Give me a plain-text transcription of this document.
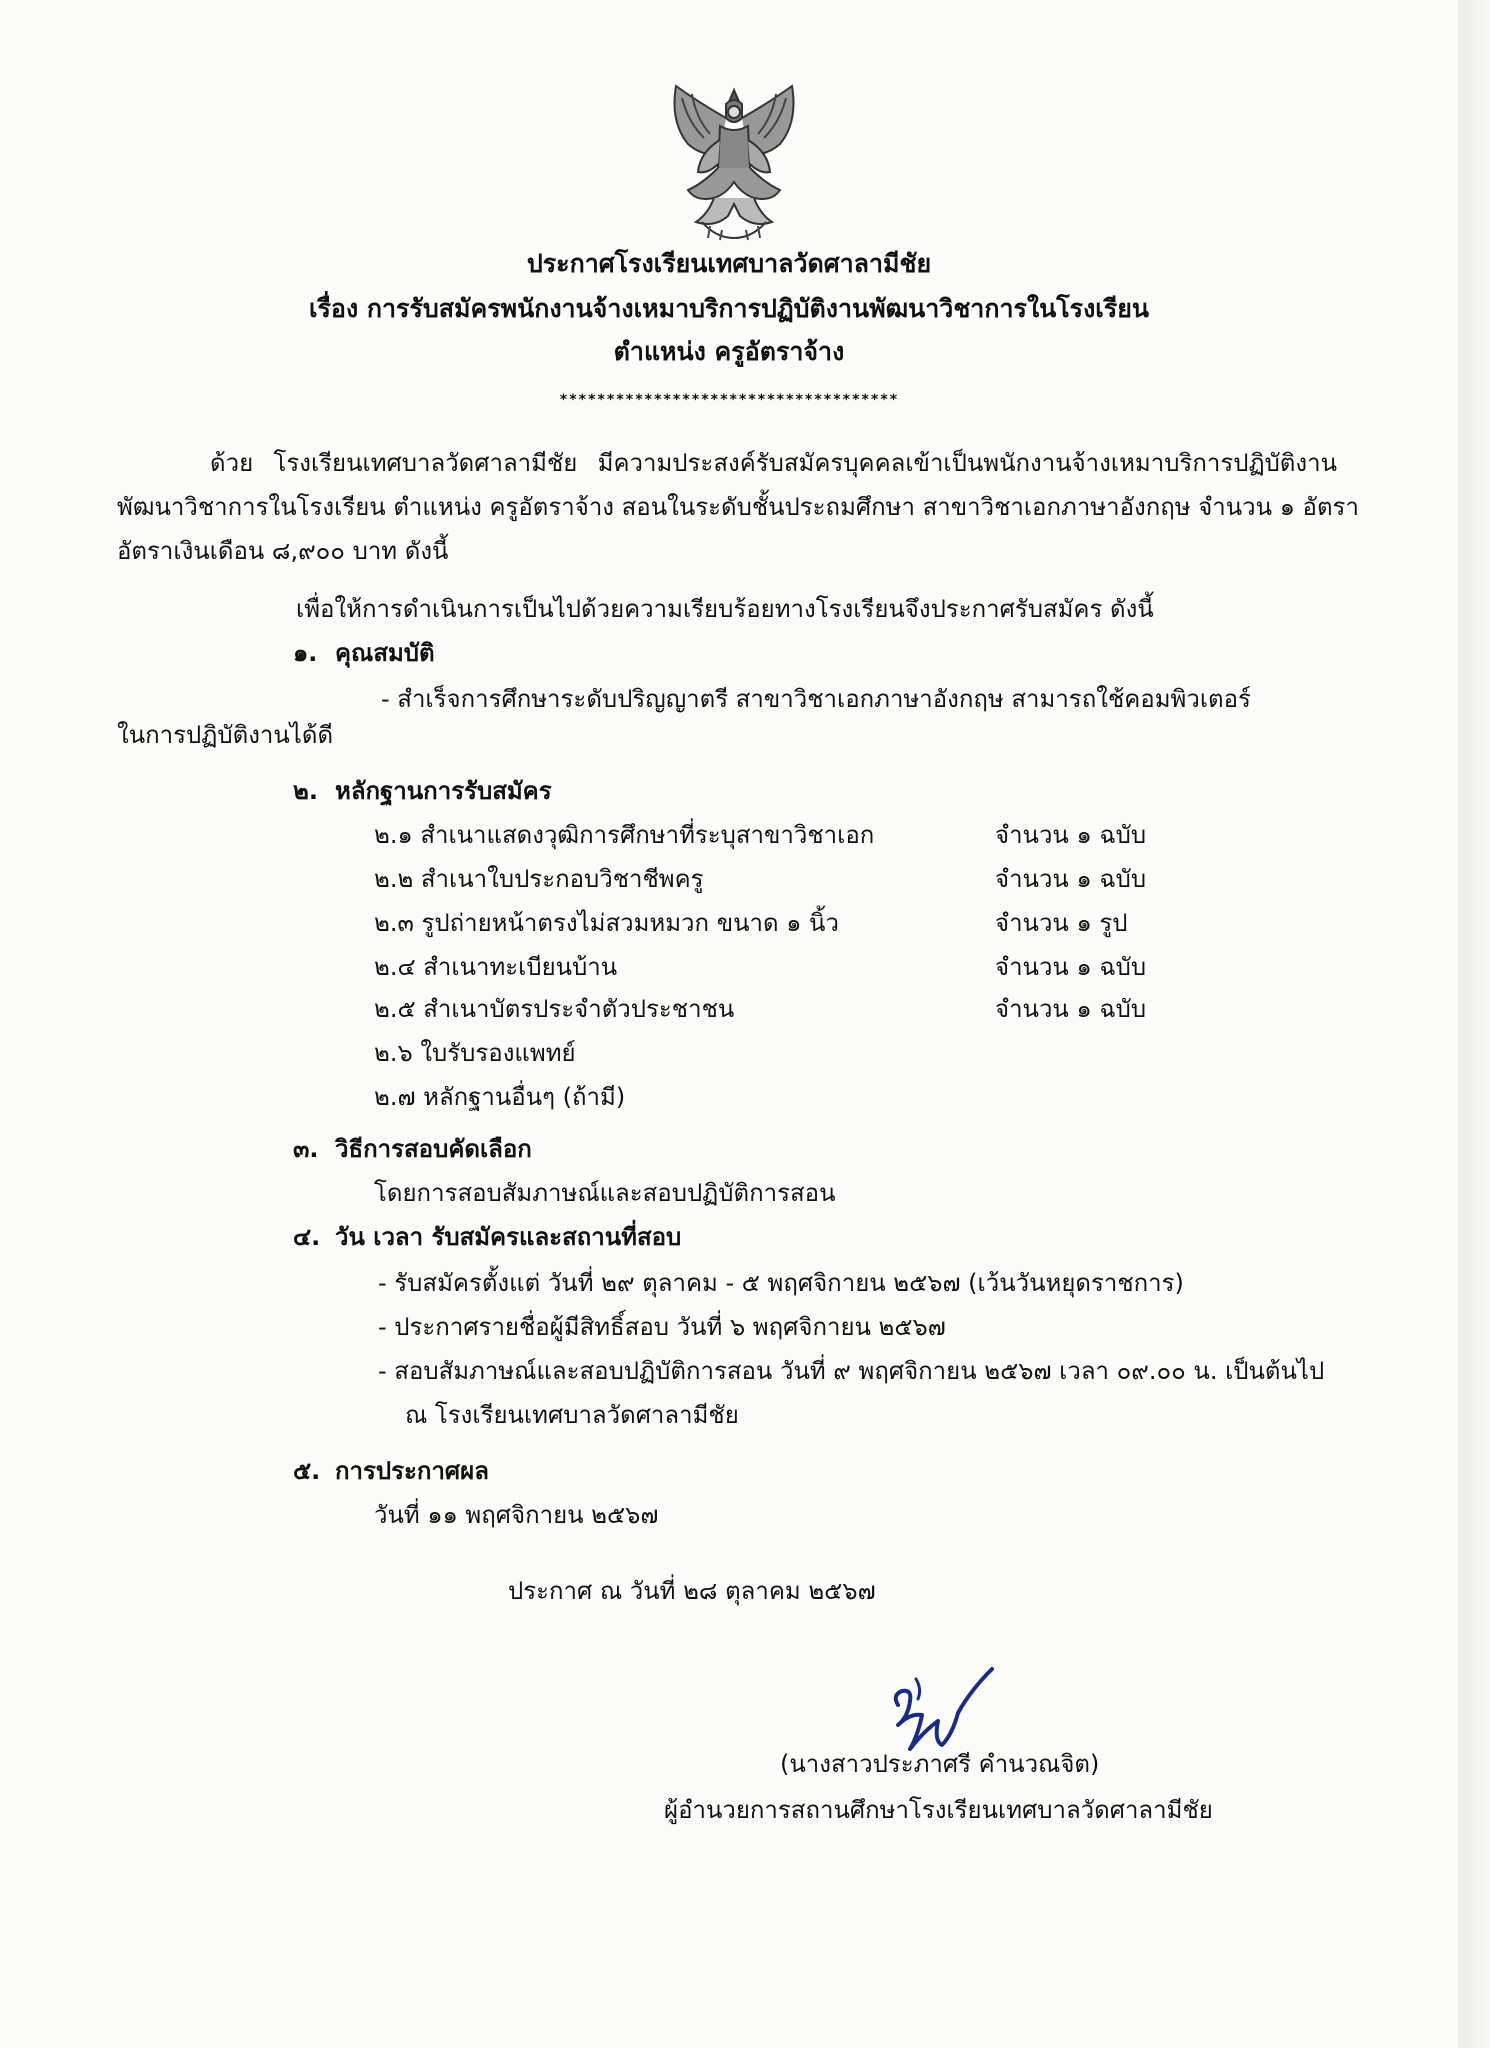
ประกาศโรงเรียนเทศบาลวัดศาลามีชัย
เรื่อง การรับสมัครพนักงานจ้างเหมาบริการปฏิบัติงานพัฒนาวิชาการในโรงเรียน
ตำแหน่ง ครูอัตราจ้าง
************************************
ด้วย โรงเรียนเทศบาลวัดศาลามีชัย มีความประสงค์รับสมัครบุคคลเข้าเป็นพนักงานจ้างเหมาบริการปฏิบัติงาน
พัฒนาวิชาการในโรงเรียน ตำแหน่ง ครูอัตราจ้าง สอนในระดับชั้นประถมศึกษา สาขาวิชาเอกภาษาอังกฤษ จำนวน ๑ อัตรา
อัตราเงินเดือน ๘,๙๐๐ บาท ดังนี้
เพื่อให้การดำเนินการเป็นไปด้วยความเรียบร้อยทางโรงเรียนจึงประกาศรับสมัคร ดังนี้
๑. คุณสมบัติ
- สำเร็จการศึกษาระดับปริญญาตรี สาขาวิชาเอกภาษาอังกฤษ สามารถใช้คอมพิวเตอร์
ในการปฏิบัติงานได้ดี
๒. หลักฐานการรับสมัคร
๒.๑ สำเนาแสดงวุฒิการศึกษาที่ระบุสาขาวิชาเอก	จำนวน ๑ ฉบับ
๒.๒ สำเนาใบประกอบวิชาชีพครู	จำนวน ๑ ฉบับ
๒.๓ รูปถ่ายหน้าตรงไม่สวมหมวก ขนาด ๑ นิ้ว	จำนวน ๑ รูป
๒.๔ สำเนาทะเบียนบ้าน	จำนวน ๑ ฉบับ
๒.๕ สำเนาบัตรประจำตัวประชาชน	จำนวน ๑ ฉบับ
๒.๖ ใบรับรองแพทย์
๒.๗ หลักฐานอื่นๆ (ถ้ามี)
๓. วิธีการสอบคัดเลือก
โดยการสอบสัมภาษณ์และสอบปฏิบัติการสอน
๔. วัน เวลา รับสมัครและสถานที่สอบ
- รับสมัครตั้งแต่ วันที่ ๒๙ ตุลาคม - ๕ พฤศจิกายน ๒๕๖๗ (เว้นวันหยุดราชการ)
- ประกาศรายชื่อผู้มีสิทธิ์สอบ วันที่ ๖ พฤศจิกายน ๒๕๖๗
- สอบสัมภาษณ์และสอบปฏิบัติการสอน วันที่ ๙ พฤศจิกายน ๒๕๖๗ เวลา ๐๙.๐๐ น. เป็นต้นไป
ณ โรงเรียนเทศบาลวัดศาลามีชัย
๕. การประกาศผล
วันที่ ๑๑ พฤศจิกายน ๒๕๖๗
ประกาศ ณ วันที่ ๒๘ ตุลาคม ๒๕๖๗
(นางสาวประภาศรี คำนวณจิต)
ผู้อำนวยการสถานศึกษาโรงเรียนเทศบาลวัดศาลามีชัย
